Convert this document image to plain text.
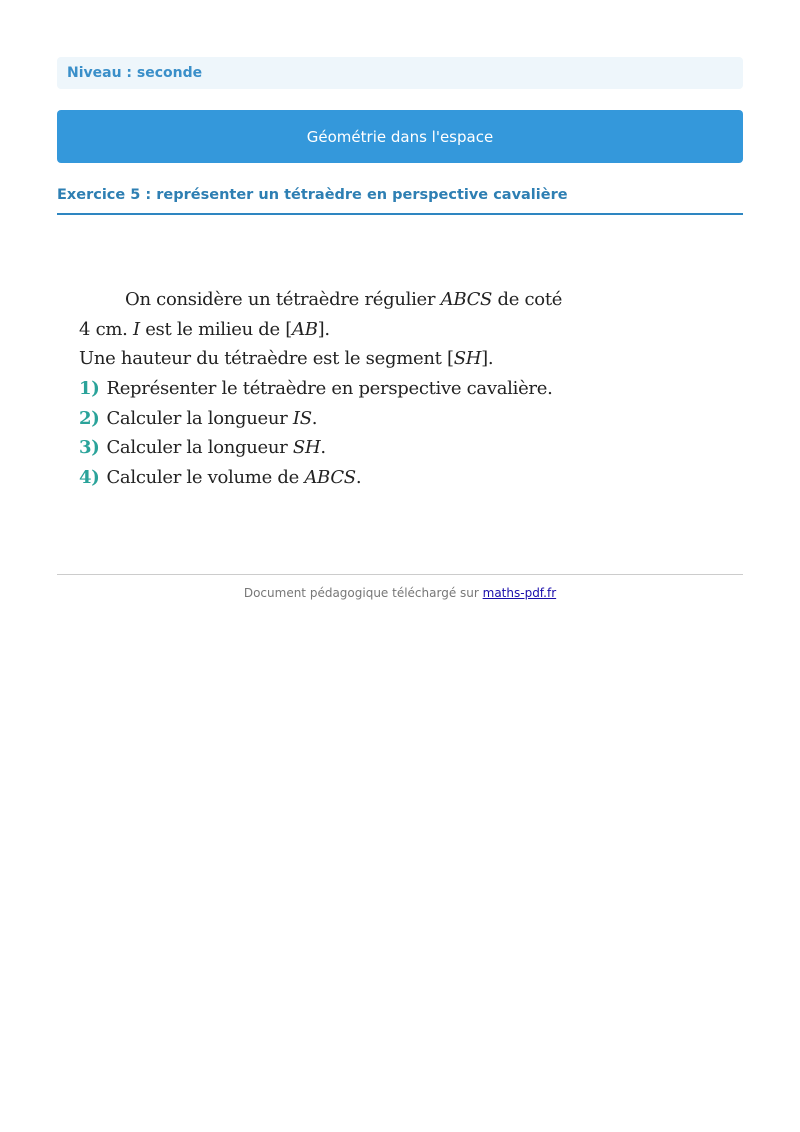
Niveau : seconde
Géométrie dans l'espace
Exercice 5 : représenter un tétraèdre en perspective cavalière
On considère un tétraèdre régulier ABCS de coté
4 cm. I est le milieu de [AB].
Une hauteur du tétraèdre est le segment [SH].
1) Représenter le tétraèdre en perspective cavalière.
2) Calculer la longueur IS.
3) Calculer la longueur SH.
4) Calculer le volume de ABCS.
Document pédagogique téléchargé sur maths-pdf.fr
